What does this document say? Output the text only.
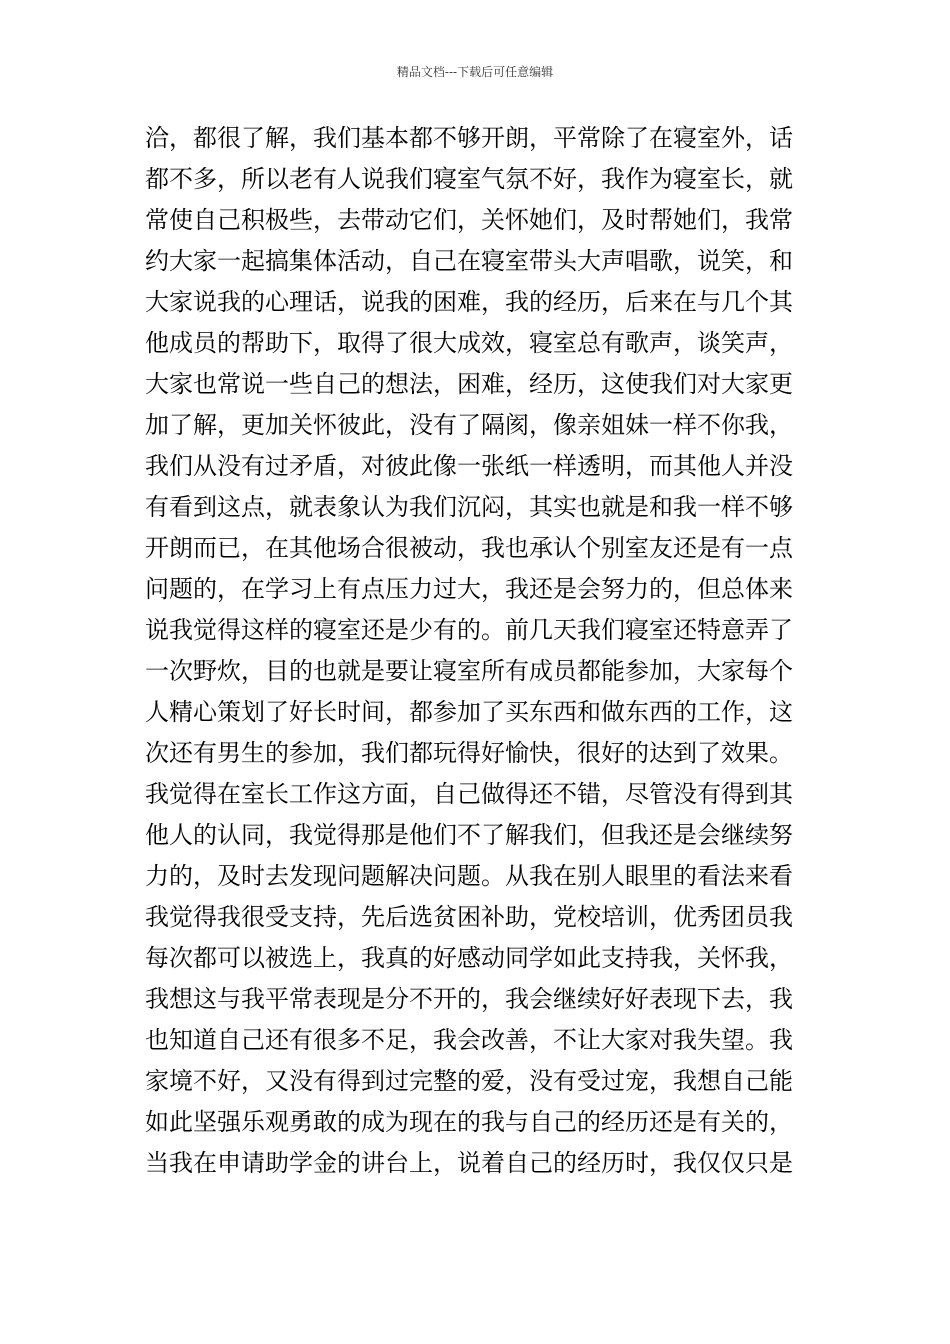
精品文档---下载后可任意编辑
洽，都很了解，我们基本都不够开朗，平常除了在寝室外，话
都不多，所以老有人说我们寝室气氛不好，我作为寝室长，就
常使自己积极些，去带动它们，关怀她们，及时帮她们，我常
约大家一起搞集体活动，自己在寝室带头大声唱歌，说笑，和
大家说我的心理话，说我的困难，我的经历，后来在与几个其
他成员的帮助下，取得了很大成效，寝室总有歌声，谈笑声，
大家也常说一些自己的想法，困难，经历，这使我们对大家更
加了解，更加关怀彼此，没有了隔阂，像亲姐妹一样不你我，
我们从没有过矛盾，对彼此像一张纸一样透明，而其他人并没
有看到这点，就表象认为我们沉闷，其实也就是和我一样不够
开朗而已，在其他场合很被动，我也承认个别室友还是有一点
问题的，在学习上有点压力过大，我还是会努力的，但总体来
说我觉得这样的寝室还是少有的。前几天我们寝室还特意弄了
一次野炊，目的也就是要让寝室所有成员都能参加，大家每个
人精心策划了好长时间，都参加了买东西和做东西的工作，这
次还有男生的参加，我们都玩得好愉快，很好的达到了效果。
我觉得在室长工作这方面，自己做得还不错，尽管没有得到其
他人的认同，我觉得那是他们不了解我们，但我还是会继续努
力的，及时去发现问题解决问题。从我在别人眼里的看法来看
我觉得我很受支持，先后选贫困补助，党校培训，优秀团员我
每次都可以被选上，我真的好感动同学如此支持我，关怀我，
我想这与我平常表现是分不开的，我会继续好好表现下去，我
也知道自己还有很多不足，我会改善，不让大家对我失望。我
家境不好，又没有得到过完整的爱，没有受过宠，我想自己能
如此坚强乐观勇敢的成为现在的我与自己的经历还是有关的，
当我在申请助学金的讲台上，说着自己的经历时，我仅仅只是
